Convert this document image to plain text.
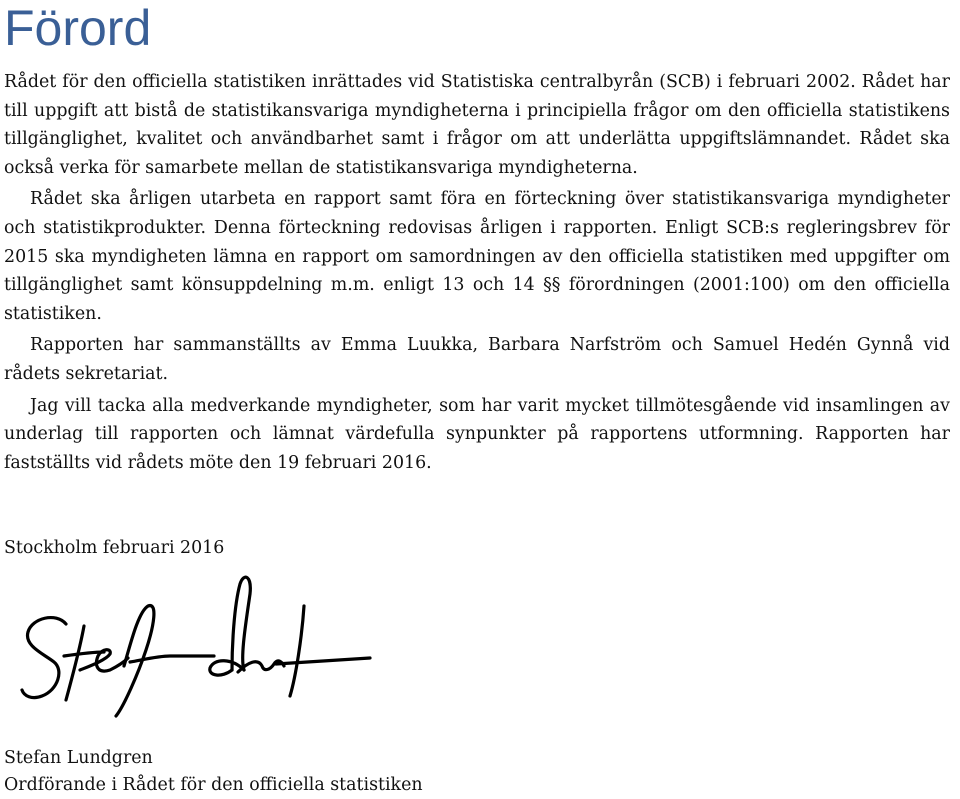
Förord

Rådet för den officiella statistiken inrättades vid Statistiska centralbyrån (SCB) i februari 2002. Rådet har till uppgift att bistå de statistikansvariga myndigheterna i principiella frågor om den officiella statistikens tillgänglighet, kvalitet och användbarhet samt i frågor om att underlätta uppgiftslämnandet. Rådet ska också verka för samarbete mellan de statistikansvariga myndigheterna.

Rådet ska årligen utarbeta en rapport samt föra en förteckning över statistikansvariga myndigheter och statistikprodukter. Denna förteckning redovisas årligen i rapporten. Enligt SCB:s regleringsbrev för 2015 ska myndigheten lämna en rapport om samordningen av den officiella statistiken med uppgifter om tillgänglighet samt könsuppdelning m.m. enligt 13 och 14 §§ förordningen (2001:100) om den officiella statistiken.

Rapporten har sammanställts av Emma Luukka, Barbara Narfström och Samuel Hedén Gynnå vid rådets sekretariat.

Jag vill tacka alla medverkande myndigheter, som har varit mycket tillmötesgående vid insamlingen av underlag till rapporten och lämnat värdefulla synpunkter på rapportens utformning. Rapporten har fastställts vid rådets möte den 19 februari 2016.

Stockholm februari 2016

Stefan Lundgren
Ordförande i Rådet för den officiella statistiken
